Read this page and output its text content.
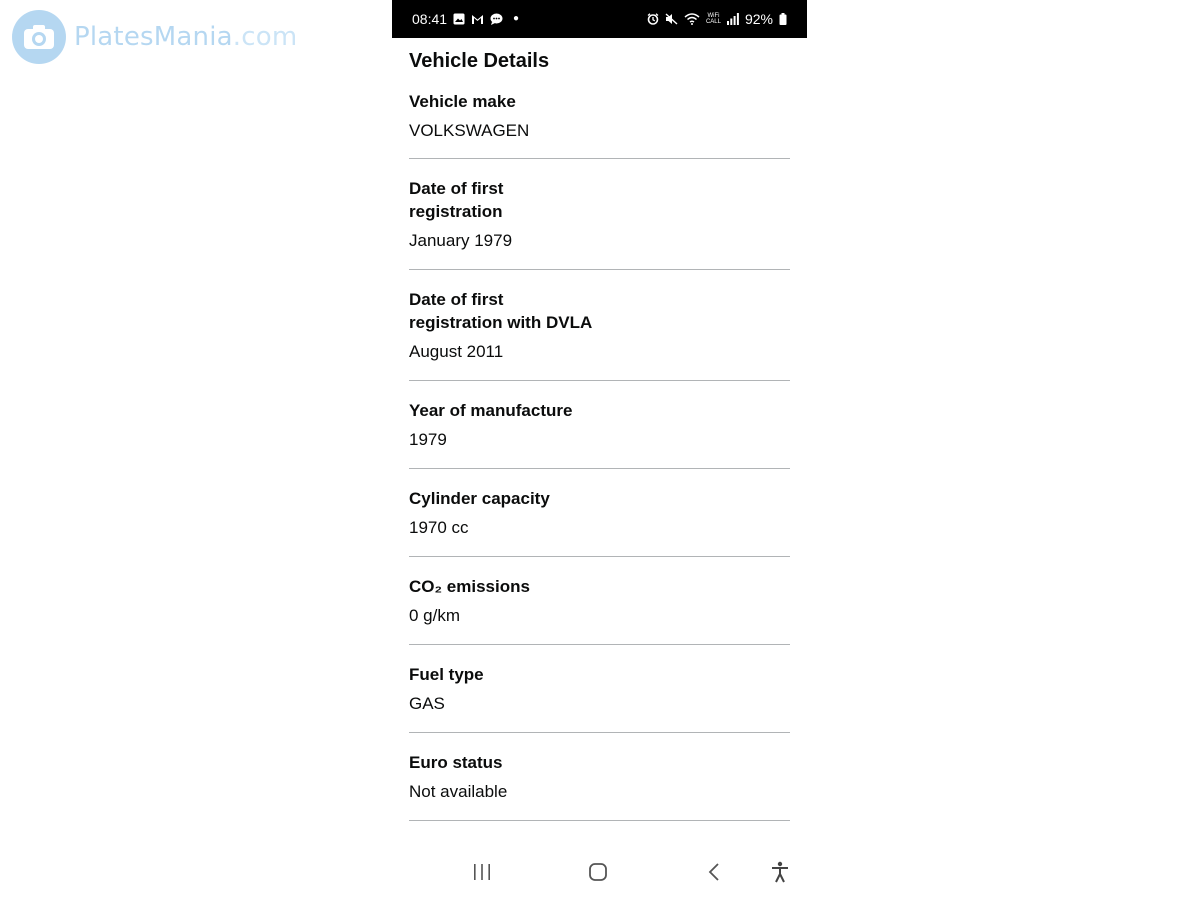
PlatesMania.com
08:41	●	WiFi
CALL 92%
Vehicle Details
Vehicle make
VOLKSWAGEN
Date of first
registration
January 1979
Date of first
registration with DVLA
August 2011
Year of manufacture
1979
Cylinder capacity
1970 cc
CO₂ emissions
0 g/km
Fuel type
GAS
Euro status
Not available
